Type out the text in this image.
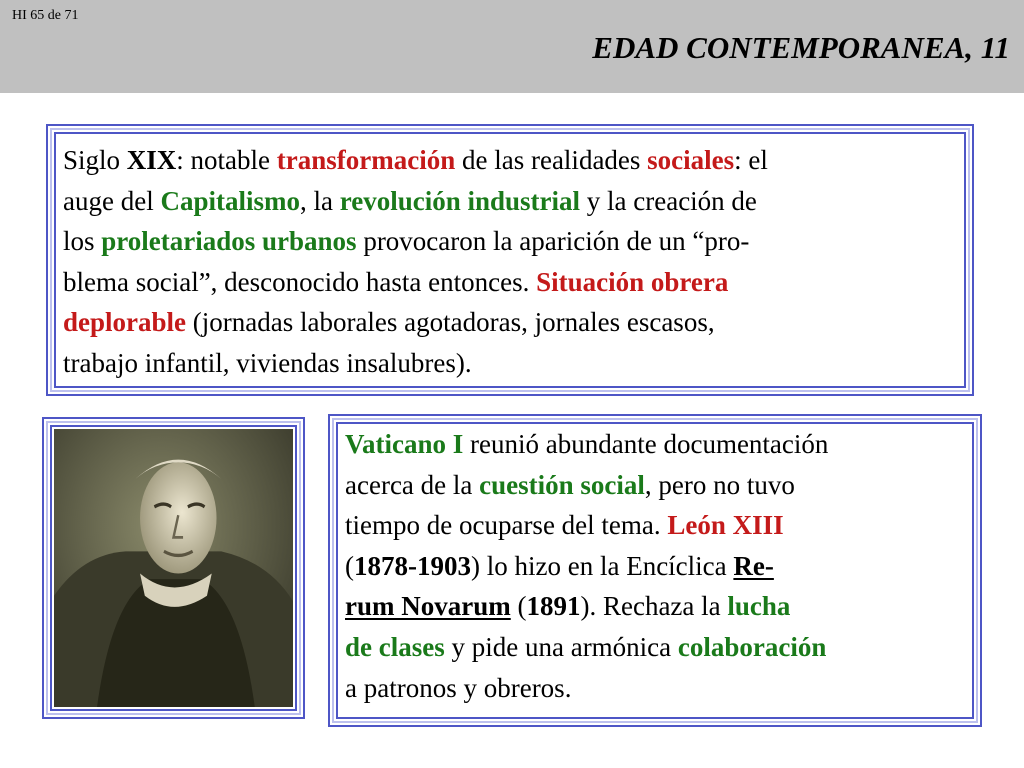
HI 65 de 71
EDAD CONTEMPORANEA, 11
Siglo XIX: notable transformación de las realidades sociales: el
auge del Capitalismo, la revolución industrial y la creación de
los proletariados urbanos provocaron la aparición de un “pro-
blema social”, desconocido hasta entonces. Situación obrera
deplorable (jornadas laborales agotadoras, jornales escasos,
trabajo infantil, viviendas insalubres).
Vaticano I reunió abundante documentación
acerca de la cuestión social, pero no tuvo
tiempo de ocuparse del tema. León XIII
(1878-1903) lo hizo en la Encíclica Re-
rum Novarum (1891). Rechaza la lucha
de clases y pide una armónica colaboración
a patronos y obreros.
